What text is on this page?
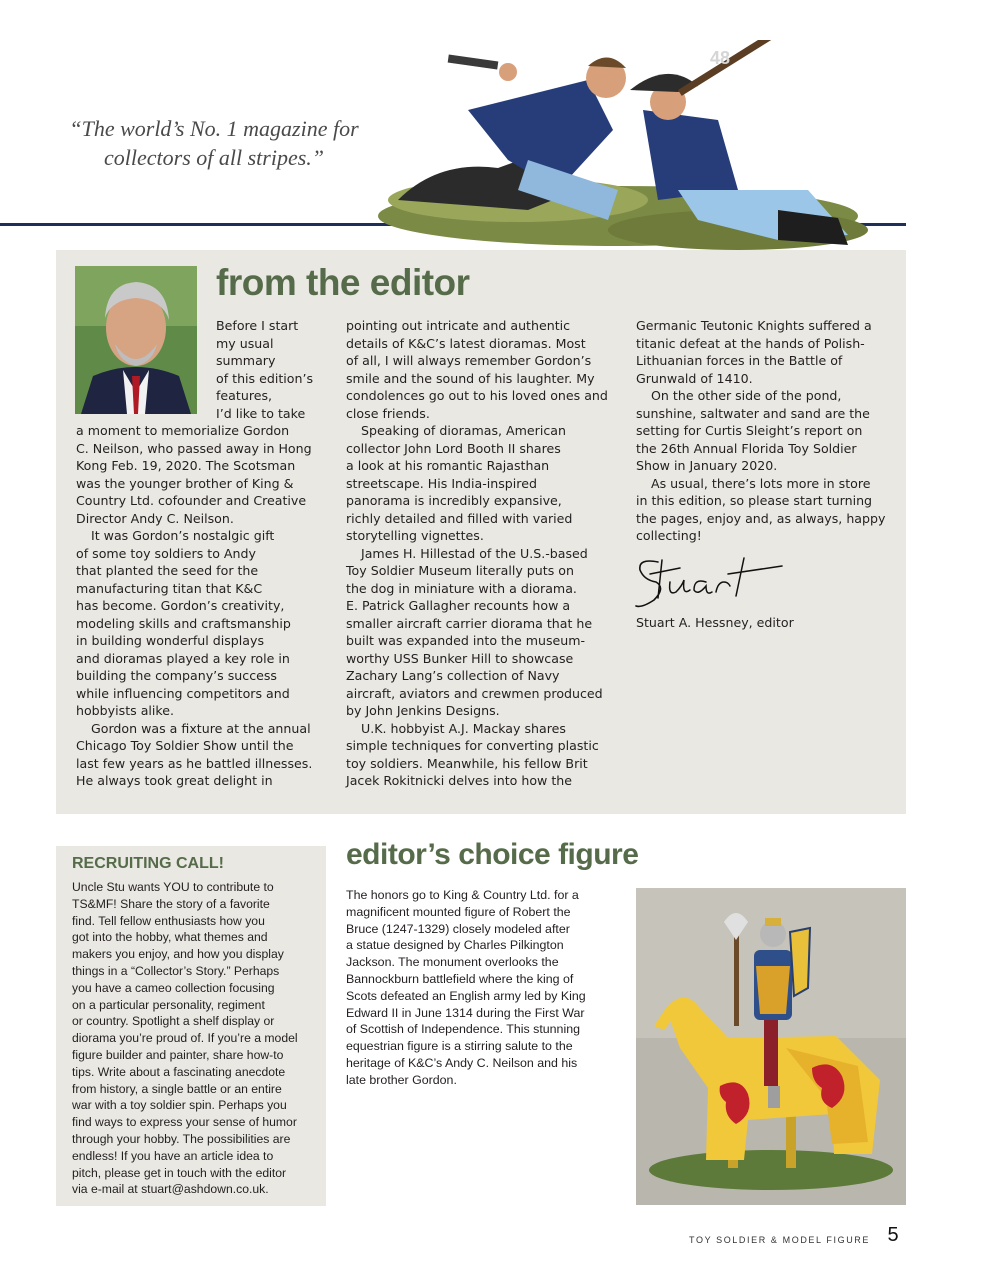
48
“The world’s No. 1 magazine for
collectors of all stripes.”
from the editor

Before I start

my usual

summary

of this edition’s

features,

I’d like to take

a moment to memorialize Gordon

C. Neilson, who passed away in Hong

Kong Feb. 19, 2020. The Scotsman

was the younger brother of King &

Country Ltd. cofounder and Creative

Director Andy C. Neilson.

It was Gordon’s nostalgic gift

of some toy soldiers to Andy

that planted the seed for the

manufacturing titan that K&C

has become. Gordon’s creativity,

modeling skills and craftsmanship

in building wonderful displays

and dioramas played a key role in

building the company’s success

while influencing competitors and

hobbyists alike.

Gordon was a fixture at the annual

Chicago Toy Soldier Show until the

last few years as he battled illnesses.

He always took great delight in

pointing out intricate and authentic

details of K&C’s latest dioramas. Most

of all, I will always remember Gordon’s

smile and the sound of his laughter. My

condolences go out to his loved ones and

close friends.

Speaking of dioramas, American

collector John Lord Booth II shares

a look at his romantic Rajasthan

streetscape. His India-inspired

panorama is incredibly expansive,

richly detailed and filled with varied

storytelling vignettes.

James H. Hillestad of the U.S.-based

Toy Soldier Museum literally puts on

the dog in miniature with a diorama.

E. Patrick Gallagher recounts how a

smaller aircraft carrier diorama that he

built was expanded into the museum-

worthy USS Bunker Hill to showcase

Zachary Lang’s collection of Navy

aircraft, aviators and crewmen produced

by John Jenkins Designs.

U.K. hobbyist A.J. Mackay shares

simple techniques for converting plastic

toy soldiers. Meanwhile, his fellow Brit

Jacek Rokitnicki delves into how the

Germanic Teutonic Knights suffered a

titanic defeat at the hands of Polish-

Lithuanian forces in the Battle of

Grunwald of 1410.

On the other side of the pond,

sunshine, saltwater and sand are the

setting for Curtis Sleight’s report on

the 26th Annual Florida Toy Soldier

Show in January 2020.

As usual, there’s lots more in store

in this edition, so please start turning

the pages, enjoy and, as always, happy

collecting!

Stuart A. Hessney, editor
RECRUITING CALL!

Uncle Stu wants YOU to contribute to

TS&MF! Share the story of a favorite

find. Tell fellow enthusiasts how you

got into the hobby, what themes and

makers you enjoy, and how you display

things in a “Collector’s Story.” Perhaps

you have a cameo collection focusing

on a particular personality, regiment

or country. Spotlight a shelf display or

diorama you’re proud of. If you’re a model

figure builder and painter, share how-to

tips. Write about a fascinating anecdote

from history, a single battle or an entire

war with a toy soldier spin. Perhaps you

find ways to express your sense of humor

through your hobby. The possibilities are

endless! If you have an article idea to

pitch, please get in touch with the editor

via e-mail at stuart@ashdown.co.uk.

editor’s choice figure

The honors go to King & Country Ltd. for a

magnificent mounted figure of Robert the

Bruce (1247-1329) closely modeled after

a statue designed by Charles Pilkington

Jackson. The monument overlooks the

Bannockburn battlefield where the king of

Scots defeated an English army led by King

Edward II in June 1314 during the First War

of Scottish of Independence. This stunning

equestrian figure is a stirring salute to the

heritage of K&C’s Andy C. Neilson and his

late brother Gordon.

TOY SOLDIER & MODEL FIGURE 5
